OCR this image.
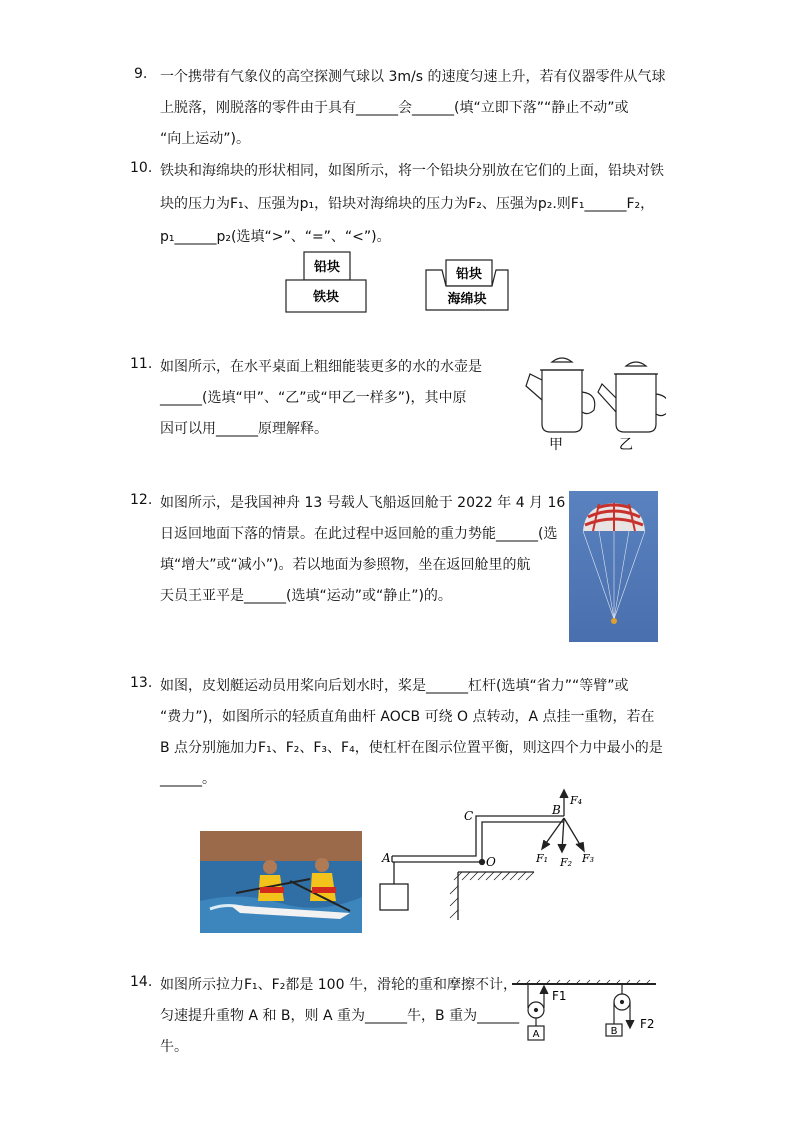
9. 一个携带有气象仪的高空探测气球以 3m/s 的速度匀速上升，若有仪器零件从气球
上脱落，刚脱落的零件由于具有______会______(填“立即下落”“静止不动”或
“向上运动”)。
10. 铁块和海绵块的形状相同，如图所示，将一个铅块分别放在它们的上面，铅块对铁
块的压力为F₁、压强为p₁，铅块对海绵块的压力为F₂、压强为p₂.则F₁______F₂，
p₁______p₂(选填“>”、“=”、“<”)。
铅块
铁块
铅块
海绵块
11. 如图所示，在水平桌面上粗细能装更多的水的水壶是
______(选填“甲”、“乙”或“甲乙一样多”)，其中原
因可以用______原理解释。
甲	乙
12. 如图所示，是我国神舟 13 号载人飞船返回舱于 2022 年 4 月 16
日返回地面下落的情景。在此过程中返回舱的重力势能______(选
填“增大”或“减小”)。若以地面为参照物，坐在返回舱里的航
天员王亚平是______(选填“运动”或“静止”)的。
13. 如图，皮划艇运动员用桨向后划水时，桨是______杠杆(选填“省力”“等臂”或
“费力”)，如图所示的轻质直角曲杆 AOCB 可绕 O 点转动，A 点挂一重物，若在
B 点分别施加力F₁、F₂、F₃、F₄，使杠杆在图示位置平衡，则这四个力中最小的是
______。
A
C	B
O
F₄
F₁ F₂ F₃
14. 如图所示拉力F₁、F₂都是 100 牛，滑轮的重和摩擦不计，
匀速提升重物 A 和 B，则 A 重为______牛，B 重为______
牛。
F1
F2
A	B
